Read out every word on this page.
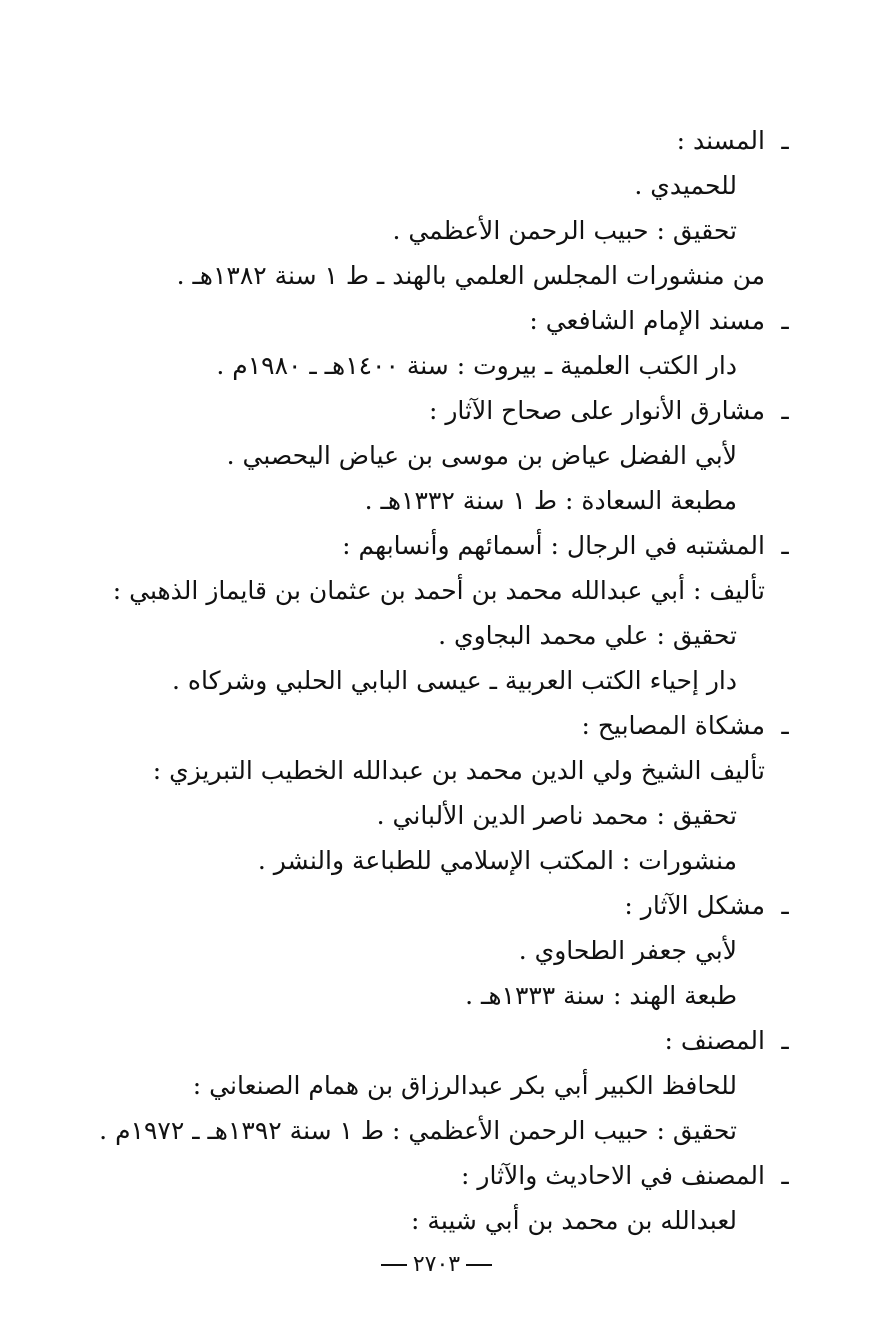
ـ
المسند :
للحميدي .
تحقيق : حبيب الرحمن الأعظمي .
من منشورات المجلس العلمي بالهند ـ ط ١ سنة ١٣٨٢هـ .
ـ
مسند الإمام الشافعي :
دار الكتب العلمية ـ بيروت : سنة ١٤٠٠هـ ـ ١٩٨٠م .
ـ
مشارق الأنوار على صحاح الآثار :
لأبي الفضل عياض بن موسى بن عياض اليحصبي .
مطبعة السعادة : ط ١ سنة ١٣٣٢هـ .
ـ
المشتبه في الرجال : أسمائهم وأنسابهم :
تأليف : أبي عبدالله محمد بن أحمد بن عثمان بن قايماز الذهبي :
تحقيق : علي محمد البجاوي .
دار إحياء الكتب العربية ـ عيسى البابي الحلبي وشركاه .
ـ
مشكاة المصابيح :
تأليف الشيخ ولي الدين محمد بن عبدالله الخطيب التبريزي :
تحقيق : محمد ناصر الدين الألباني .
منشورات : المكتب الإسلامي للطباعة والنشر .
ـ
مشكل الآثار :
لأبي جعفر الطحاوي .
طبعة الهند : سنة ١٣٣٣هـ .
ـ
المصنف :
للحافظ الكبير أبي بكر عبدالرزاق بن همام الصنعاني :
تحقيق : حبيب الرحمن الأعظمي : ط ١ سنة ١٣٩٢هـ ـ ١٩٧٢م .
ـ
المصنف في الاحاديث والآثار :
لعبدالله بن محمد بن أبي شيبة :
٢٧٠٣
